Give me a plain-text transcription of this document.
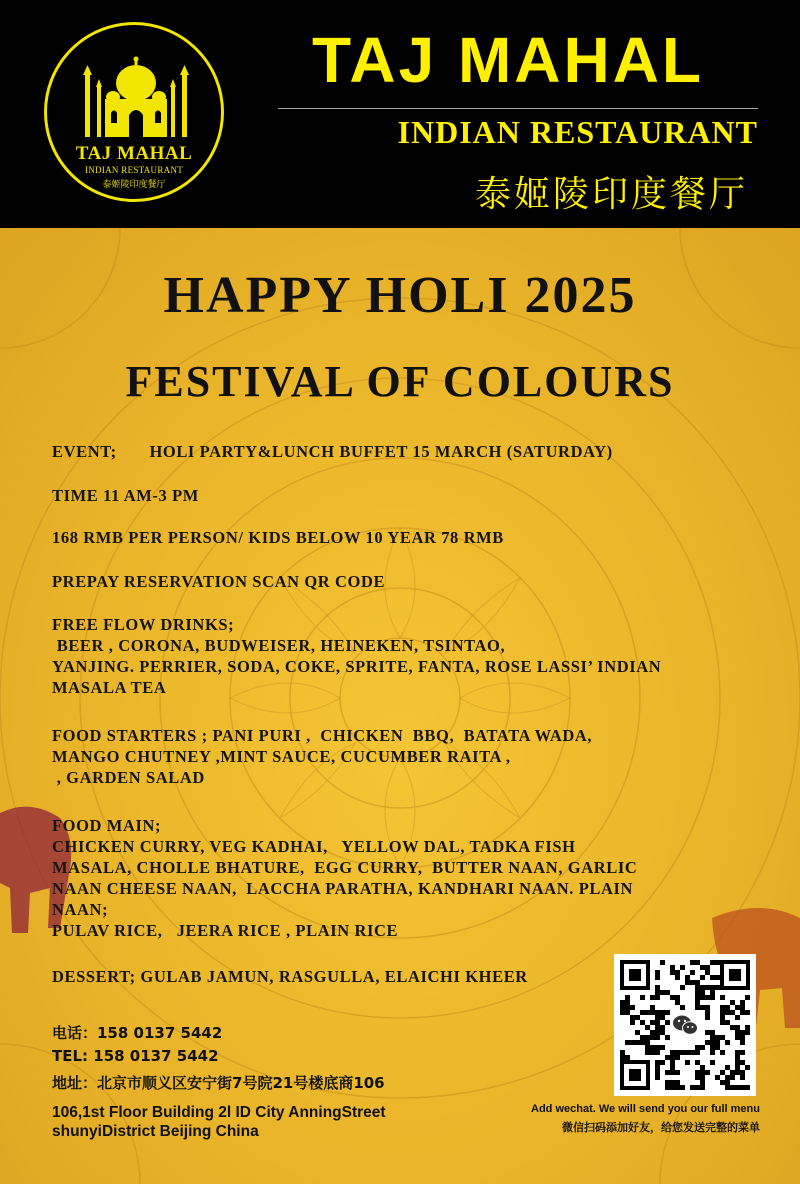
TAJ MAHAL
INDIAN RESTAURANT
泰姬陵印度餐厅
TAJ MAHAL
INDIAN RESTAURANT
泰姬陵印度餐厅
HAPPY HOLI 2025
FESTIVAL OF COLOURS
EVENT; HOLI PARTY&LUNCH BUFFET 15 MARCH (SATURDAY)
TIME 11 AM-3 PM
168 RMB PER PERSON/ KIDS BELOW 10 YEAR 78 RMB
PREPAY RESERVATION SCAN QR CODE
FREE FLOW DRINKS;
BEER , CORONA, BUDWEISER, HEINEKEN, TSINTAO,
YANJING. PERRIER, SODA, COKE, SPRITE, FANTA, ROSE LASSI’ INDIAN
MASALA TEA
FOOD STARTERS ; PANI PURI ,  CHICKEN  BBQ,  BATATA WADA,
MANGO CHUTNEY ,MINT SAUCE, CUCUMBER RAITA ,
, GARDEN SALAD
FOOD MAIN;
CHICKEN CURRY, VEG KADHAI,   YELLOW DAL, TADKA FISH
MASALA, CHOLLE BHATURE,  EGG CURRY,  BUTTER NAAN, GARLIC
NAAN CHEESE NAAN,  LACCHA PARATHA, KANDHARI NAAN. PLAIN
NAAN;
PULAV RICE,   JEERA RICE , PLAIN RICE
DESSERT; GULAB JAMUN, RASGULLA, ELAICHI KHEER
电话：158 0137 5442
TEL: 158 0137 5442
地址：北京市顺义区安宁街7号院21号楼底商106
106,1st Floor Building 2l ID City AnningStreet
shunyiDistrict Beijing China
Add wechat. We will send you our full menu
微信扫码添加好友，给您发送完整的菜单
